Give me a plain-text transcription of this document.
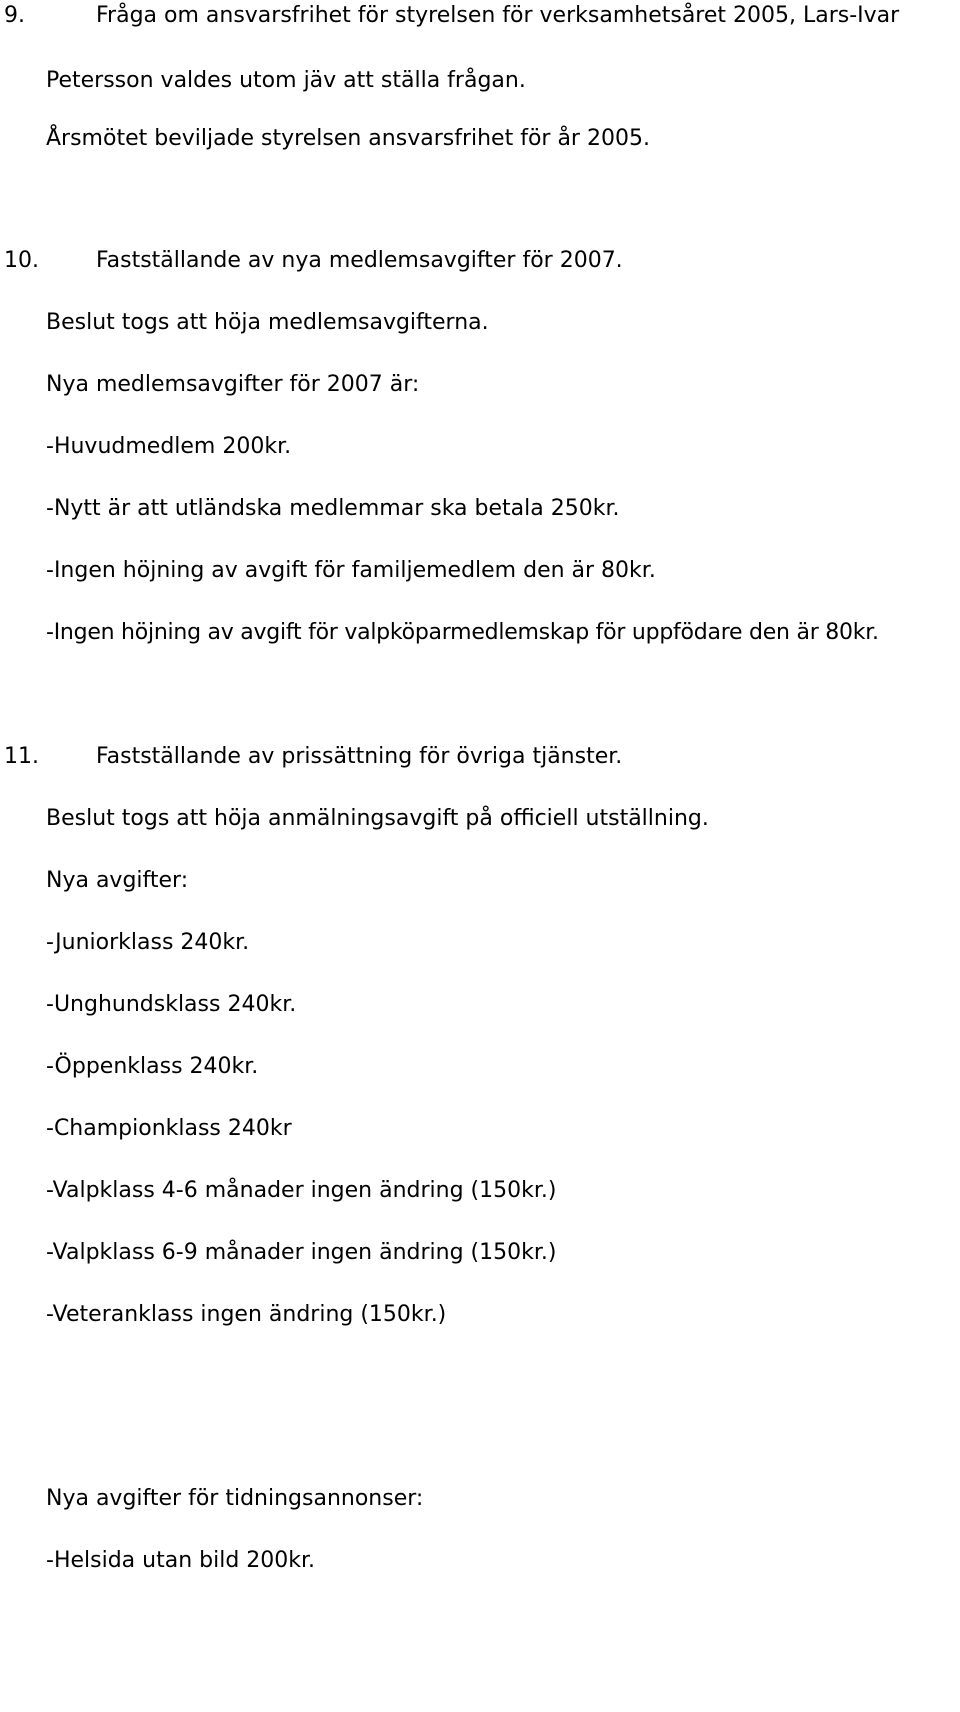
9.	Fråga om ansvarsfrihet för styrelsen för verksamhetsåret 2005, Lars-Ivar
Petersson valdes utom jäv att ställa frågan.
Årsmötet beviljade styrelsen ansvarsfrihet för år 2005.
10.	Fastställande av nya medlemsavgifter för 2007.
Beslut togs att höja medlemsavgifterna.
Nya medlemsavgifter för 2007 är:
-Huvudmedlem 200kr.
-Nytt är att utländska medlemmar ska betala 250kr.
-Ingen höjning av avgift för familjemedlem den är 80kr.
-Ingen höjning av avgift för valpköparmedlemskap för uppfödare den är 80kr.
11.	Fastställande av prissättning för övriga tjänster.
Beslut togs att höja anmälningsavgift på officiell utställning.
Nya avgifter:
-Juniorklass 240kr.
-Unghundsklass 240kr.
-Öppenklass 240kr.
-Championklass 240kr
-Valpklass 4-6 månader ingen ändring (150kr.)
-Valpklass 6-9 månader ingen ändring (150kr.)
-Veteranklass ingen ändring (150kr.)
Nya avgifter för tidningsannonser:
-Helsida utan bild 200kr.
